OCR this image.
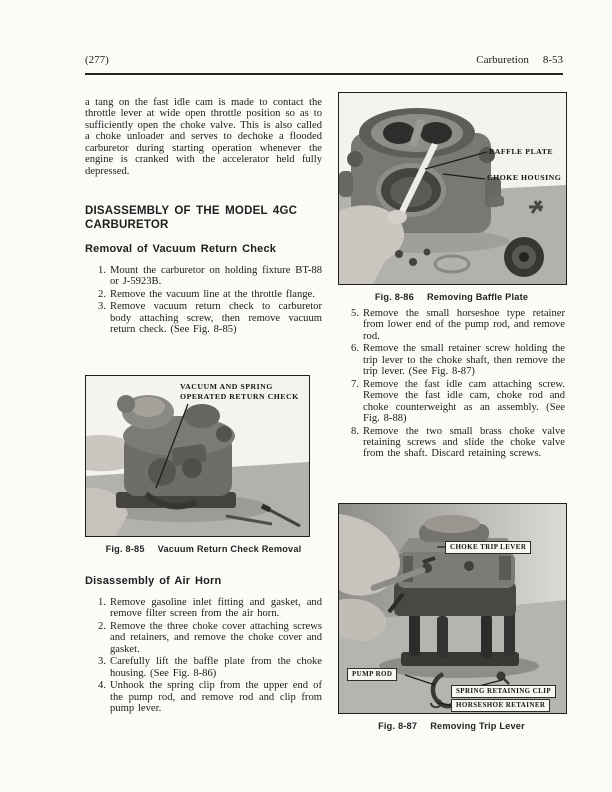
(277)	Carburetion 8-53

a tang on the fast idle cam is made to contact the throttle lever at wide open throttle position so as to sufficiently open the choke valve. This is also called a choke unloader and serves to dechoke a flooded carburetor during starting operation whenever the engine is cranked with the accelerator held fully depressed.

DISASSEMBLY OF THE MODEL 4GC CARBURETOR
Removal of Vacuum Return Check
Mount the carburetor on holding fixture BT-88 or J-5923B.
Remove the vacuum line at the throttle flange.
Remove vacuum return check to carburetor body attaching screw, then remove vacuum return check. (See Fig. 8-85)
VACUUM AND SPRING OPERATED RETURN CHECK
Fig. 8-85 Vacuum Return Check Removal
Disassembly of Air Horn
Remove gasoline inlet fitting and gasket, and remove filter screen from the air horn.
Remove the three choke cover attaching screws and retainers, and remove the choke cover and gasket.
Carefully lift the baffle plate from the choke housing. (See Fig. 8-86)
Unhook the spring clip from the upper end of the pump rod, and remove rod and clip from pump lever.
BAFFLE PLATE
CHOKE HOUSING
Fig. 8-86 Removing Baffle Plate
Remove the small horseshoe type retainer from lower end of the pump rod, and remove rod.
Remove the small retainer screw holding the trip lever to the choke shaft, then remove the trip lever. (See Fig. 8-87)
Remove the fast idle cam attaching screw. Remove the fast idle cam, choke rod and choke counterweight as an assembly. (See Fig. 8-88)
Remove the two small brass choke valve retaining screws and slide the choke valve from the shaft. Discard retaining screws.
CHOKE TRIP LEVER
PUMP ROD
SPRING RETAINING CLIP
HORSESHOE RETAINER
Fig. 8-87 Removing Trip Lever
